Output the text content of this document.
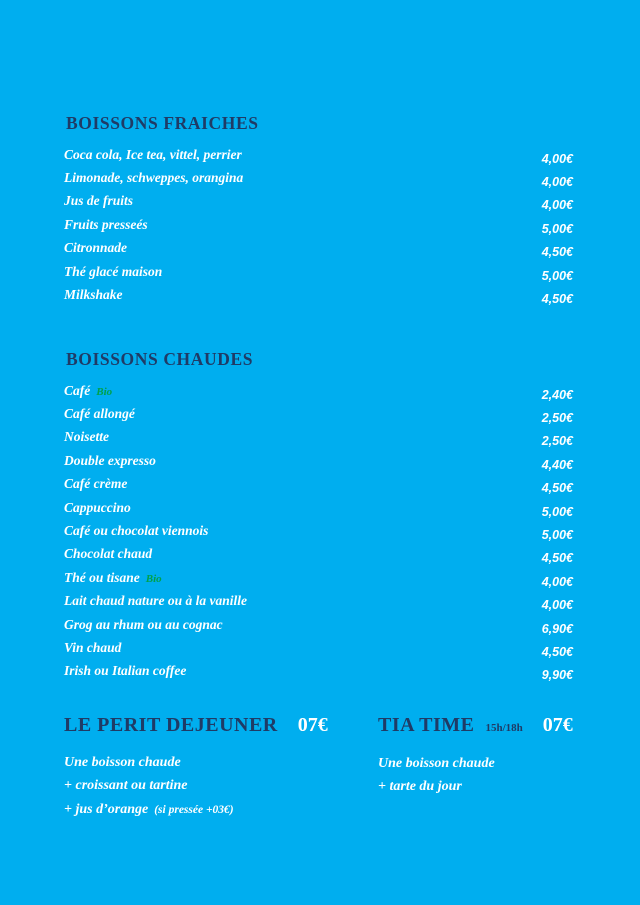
BOISSONS FRAICHES
Coca cola, Ice tea, vittel, perrier	4,00€
Limonade, schweppes, orangina	4,00€
Jus de fruits	4,00€
Fruits presseés	5,00€
Citronnade	4,50€
Thé glacé maison	5,00€
Milkshake	4,50€
BOISSONS CHAUDES
Café Bio	2,40€
Café allongé	2,50€
Noisette	2,50€
Double expresso	4,40€
Café crème	4,50€
Cappuccino	5,00€
Café ou chocolat viennois	5,00€
Chocolat chaud	4,50€
Thé ou tisane Bio	4,00€
Lait chaud nature ou à la vanille	4,00€
Grog au rhum ou au cognac	6,90€
Vin chaud	4,50€
Irish ou Italian coffee	9,90€
LE PERIT DEJEUNER 07€

Une boisson chaude

+ croissant ou tartine

+ jus d’orange (si pressée +03€)

TIA TIME 15h/18h 07€

Une boisson chaude

+ tarte du jour
